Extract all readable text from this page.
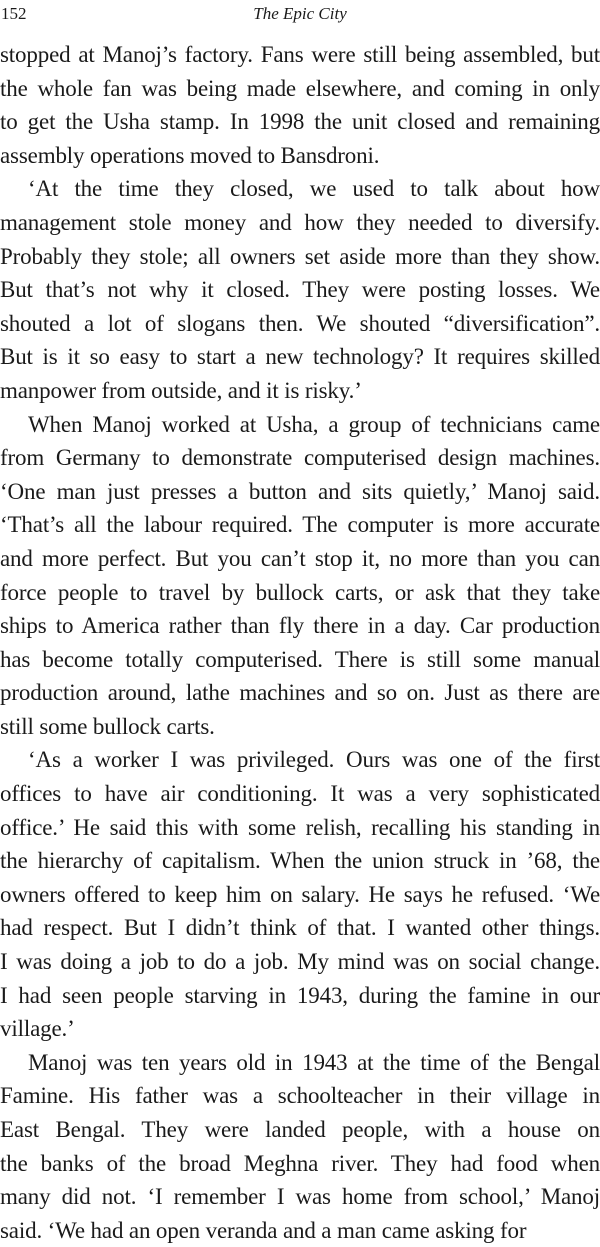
152	The Epic City
stopped at Manoj’s factory. Fans were still being assembled, but
the whole fan was being made elsewhere, and coming in only
to get the Usha stamp. In 1998 the unit closed and remaining
assembly operations moved to Bansdroni.
‘At the time they closed, we used to talk about how
management stole money and how they needed to diversify.
Probably they stole; all owners set aside more than they show.
But that’s not why it closed. They were posting losses. We
shouted a lot of slogans then. We shouted “diversification”.
But is it so easy to start a new technology? It requires skilled
manpower from outside, and it is risky.’
When Manoj worked at Usha, a group of technicians came
from Germany to demonstrate computerised design machines.
‘One man just presses a button and sits quietly,’ Manoj said.
‘That’s all the labour required. The computer is more accurate
and more perfect. But you can’t stop it, no more than you can
force people to travel by bullock carts, or ask that they take
ships to America rather than fly there in a day. Car production
has become totally computerised. There is still some manual
production around, lathe machines and so on. Just as there are
still some bullock carts.
‘As a worker I was privileged. Ours was one of the first
offices to have air conditioning. It was a very sophisticated
office.’ He said this with some relish, recalling his standing in
the hierarchy of capitalism. When the union struck in ’68, the
owners offered to keep him on salary. He says he refused. ‘We
had respect. But I didn’t think of that. I wanted other things.
I was doing a job to do a job. My mind was on social change.
I had seen people starving in 1943, during the famine in our
village.’
Manoj was ten years old in 1943 at the time of the Bengal
Famine. His father was a schoolteacher in their village in
East Bengal. They were landed people, with a house on
the banks of the broad Meghna river. They had food when
many did not. ‘I remember I was home from school,’ Manoj
said. ‘We had an open veranda and a man came asking for
